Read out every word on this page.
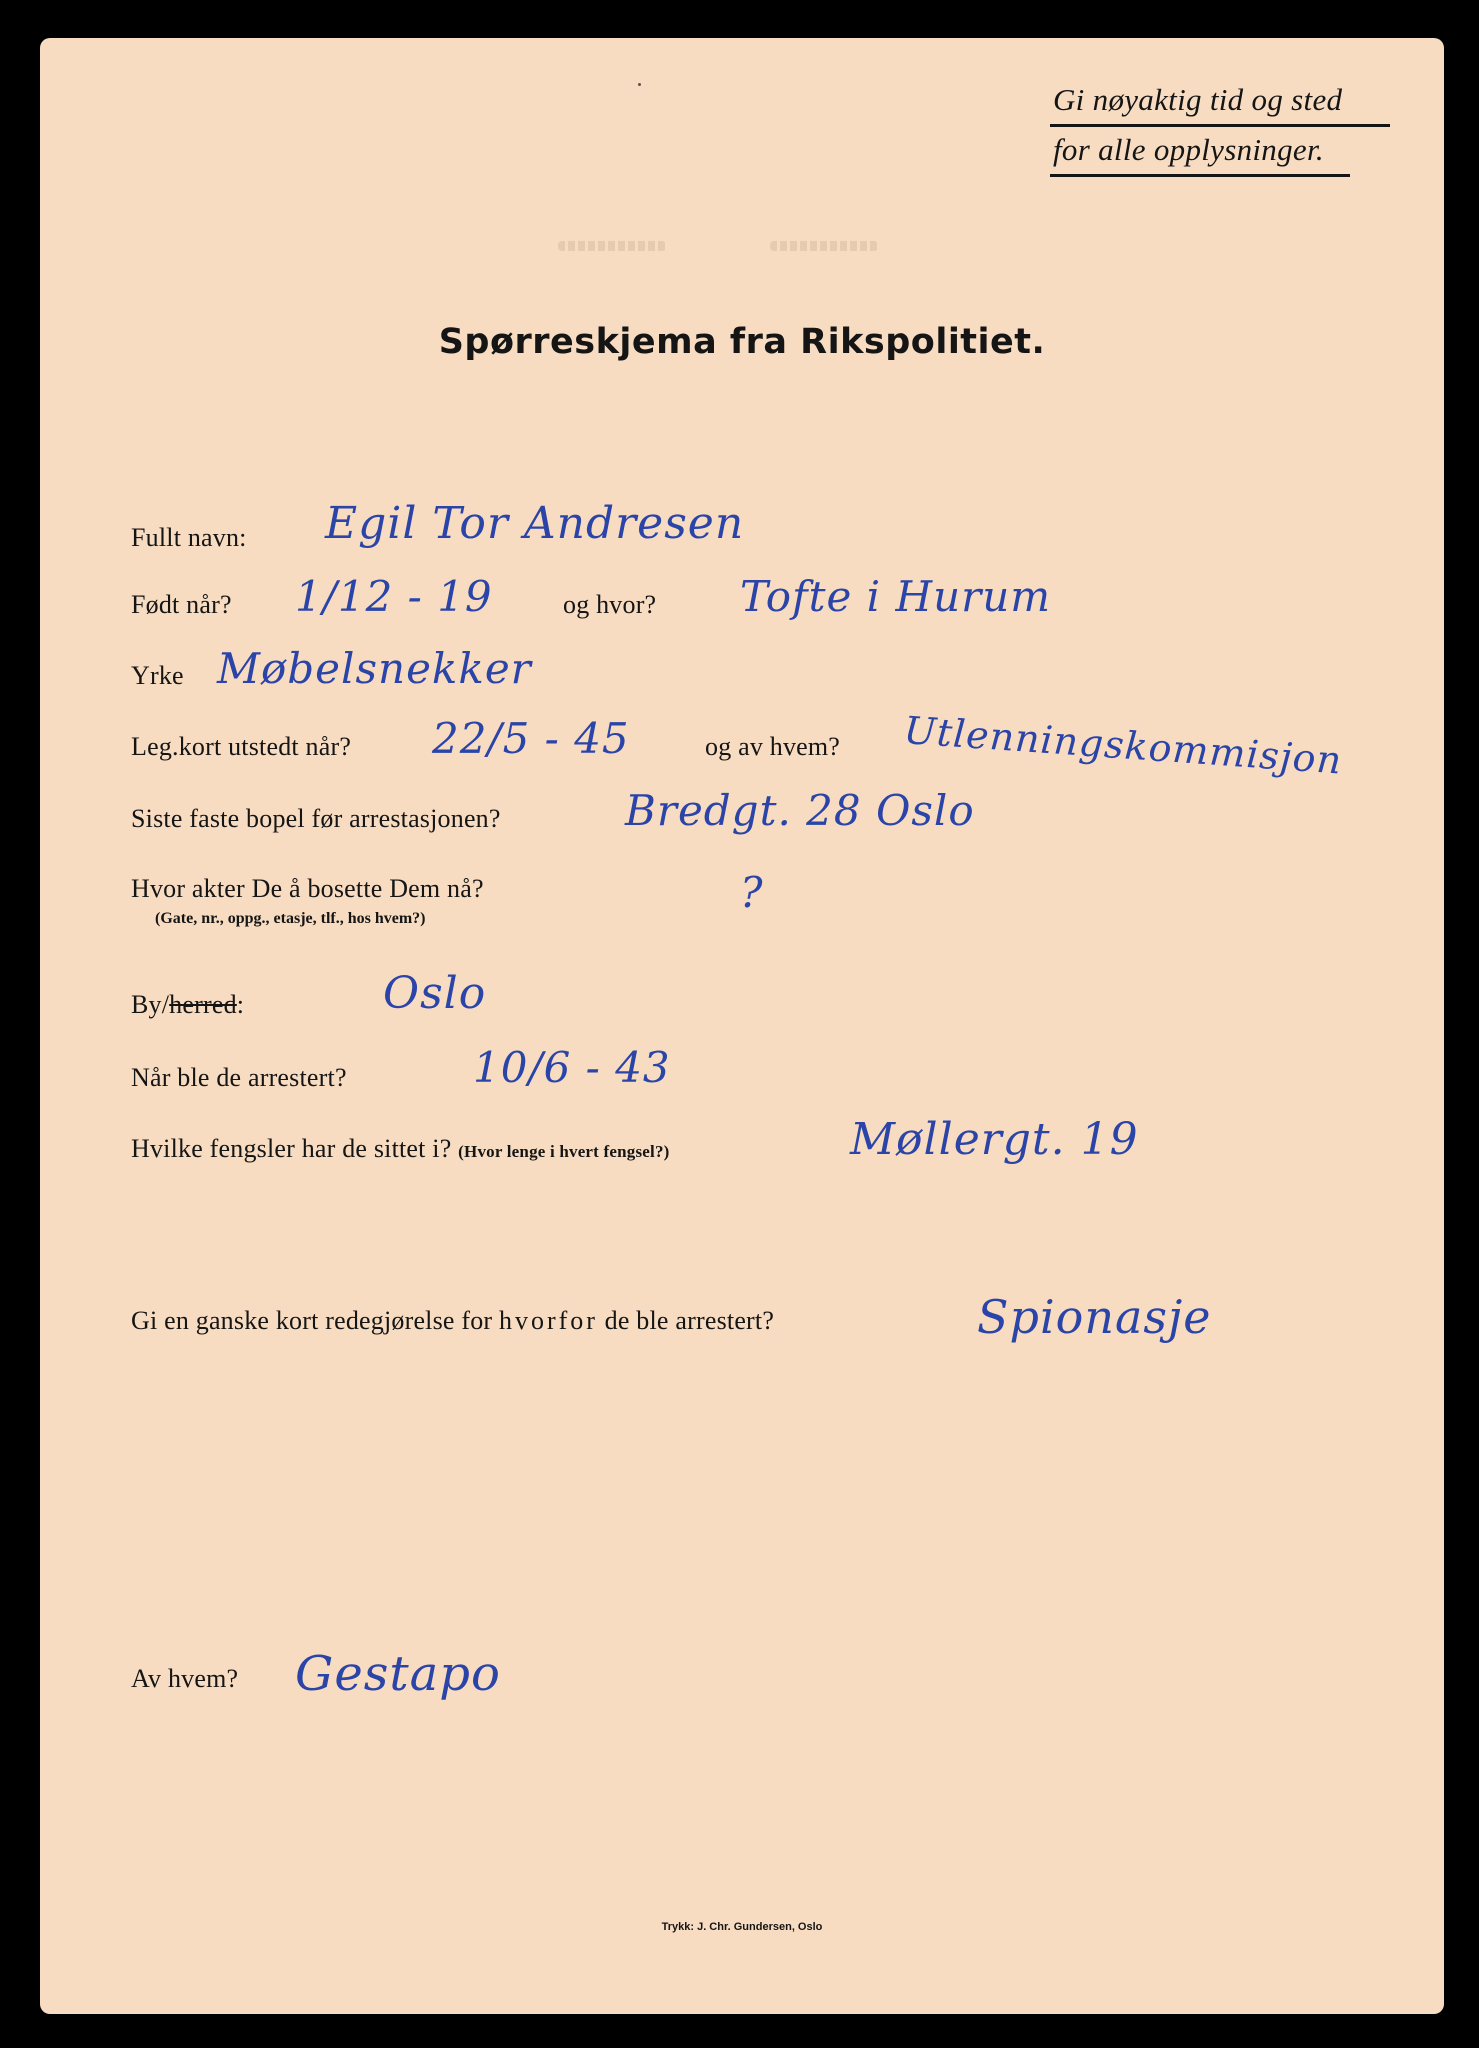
Gi nøyaktig tid og sted
for alle opplysninger.
Spørreskjema fra Rikspolitiet.
Fullt navn: Egil Tor Andresen
Født når? 1/12 - 19	og hvor? Tofte i Hurum
Yrke Møbelsnekker
Leg.kort utstedt når? 22/5 - 45	og av hvem? Utlenningskommisjon
Siste faste bopel før arrestasjonen?	Bredgt. 28 Oslo
Hvor akter De å bosette Dem nå?
(Gate, nr., oppg., etasje, tlf., hos hvem?)
?
By/herred:	Oslo
Når ble de arrestert?	10/6 - 43
Hvilke fengsler har de sittet i? (Hvor lenge i hvert fengsel?)	Møllergt. 19
Gi en ganske kort redegjørelse for hvorfor de ble arrestert?	Spionasje
Av hvem? Gestapo
Trykk: J. Chr. Gundersen, Oslo
